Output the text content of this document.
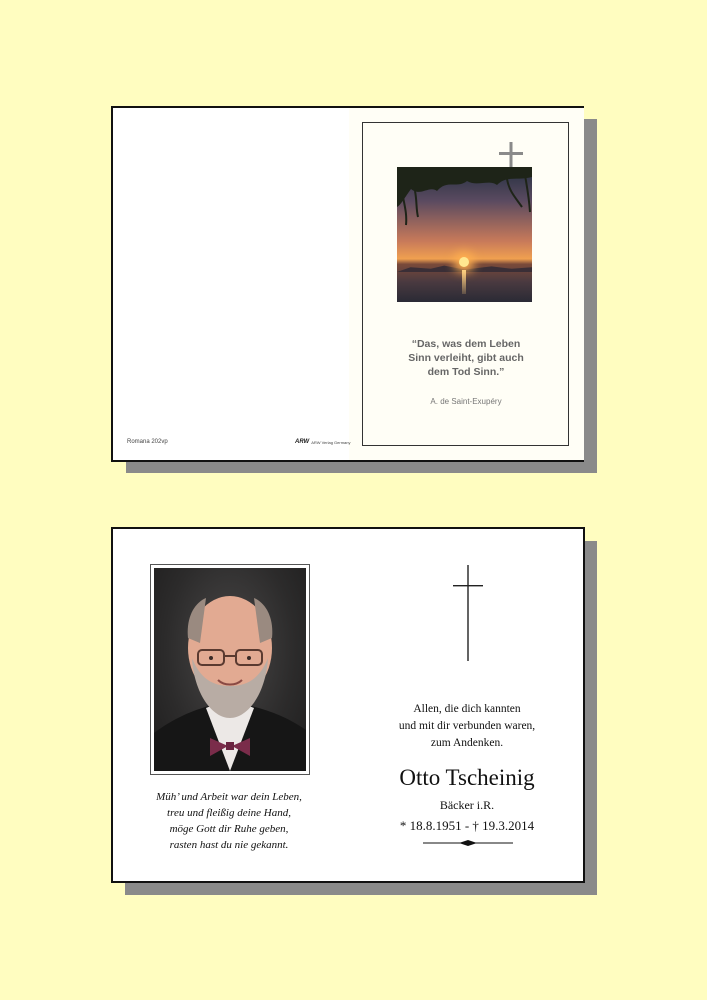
“Das, was dem Leben
Sinn verleiht, gibt auch
dem Tod Sinn.”
A. de Saint-Exupéry
Romana 202vp	ARW ARW Verlag Germany
Müh’ und Arbeit war dein Leben,
treu und fleißig deine Hand,
möge Gott dir Ruhe geben,
rasten hast du nie gekannt.
Allen, die dich kannten
und mit dir verbunden waren,
zum Andenken.
Otto Tscheinig
Bäcker i.R.
* 18.8.1951 - † 19.3.2014
